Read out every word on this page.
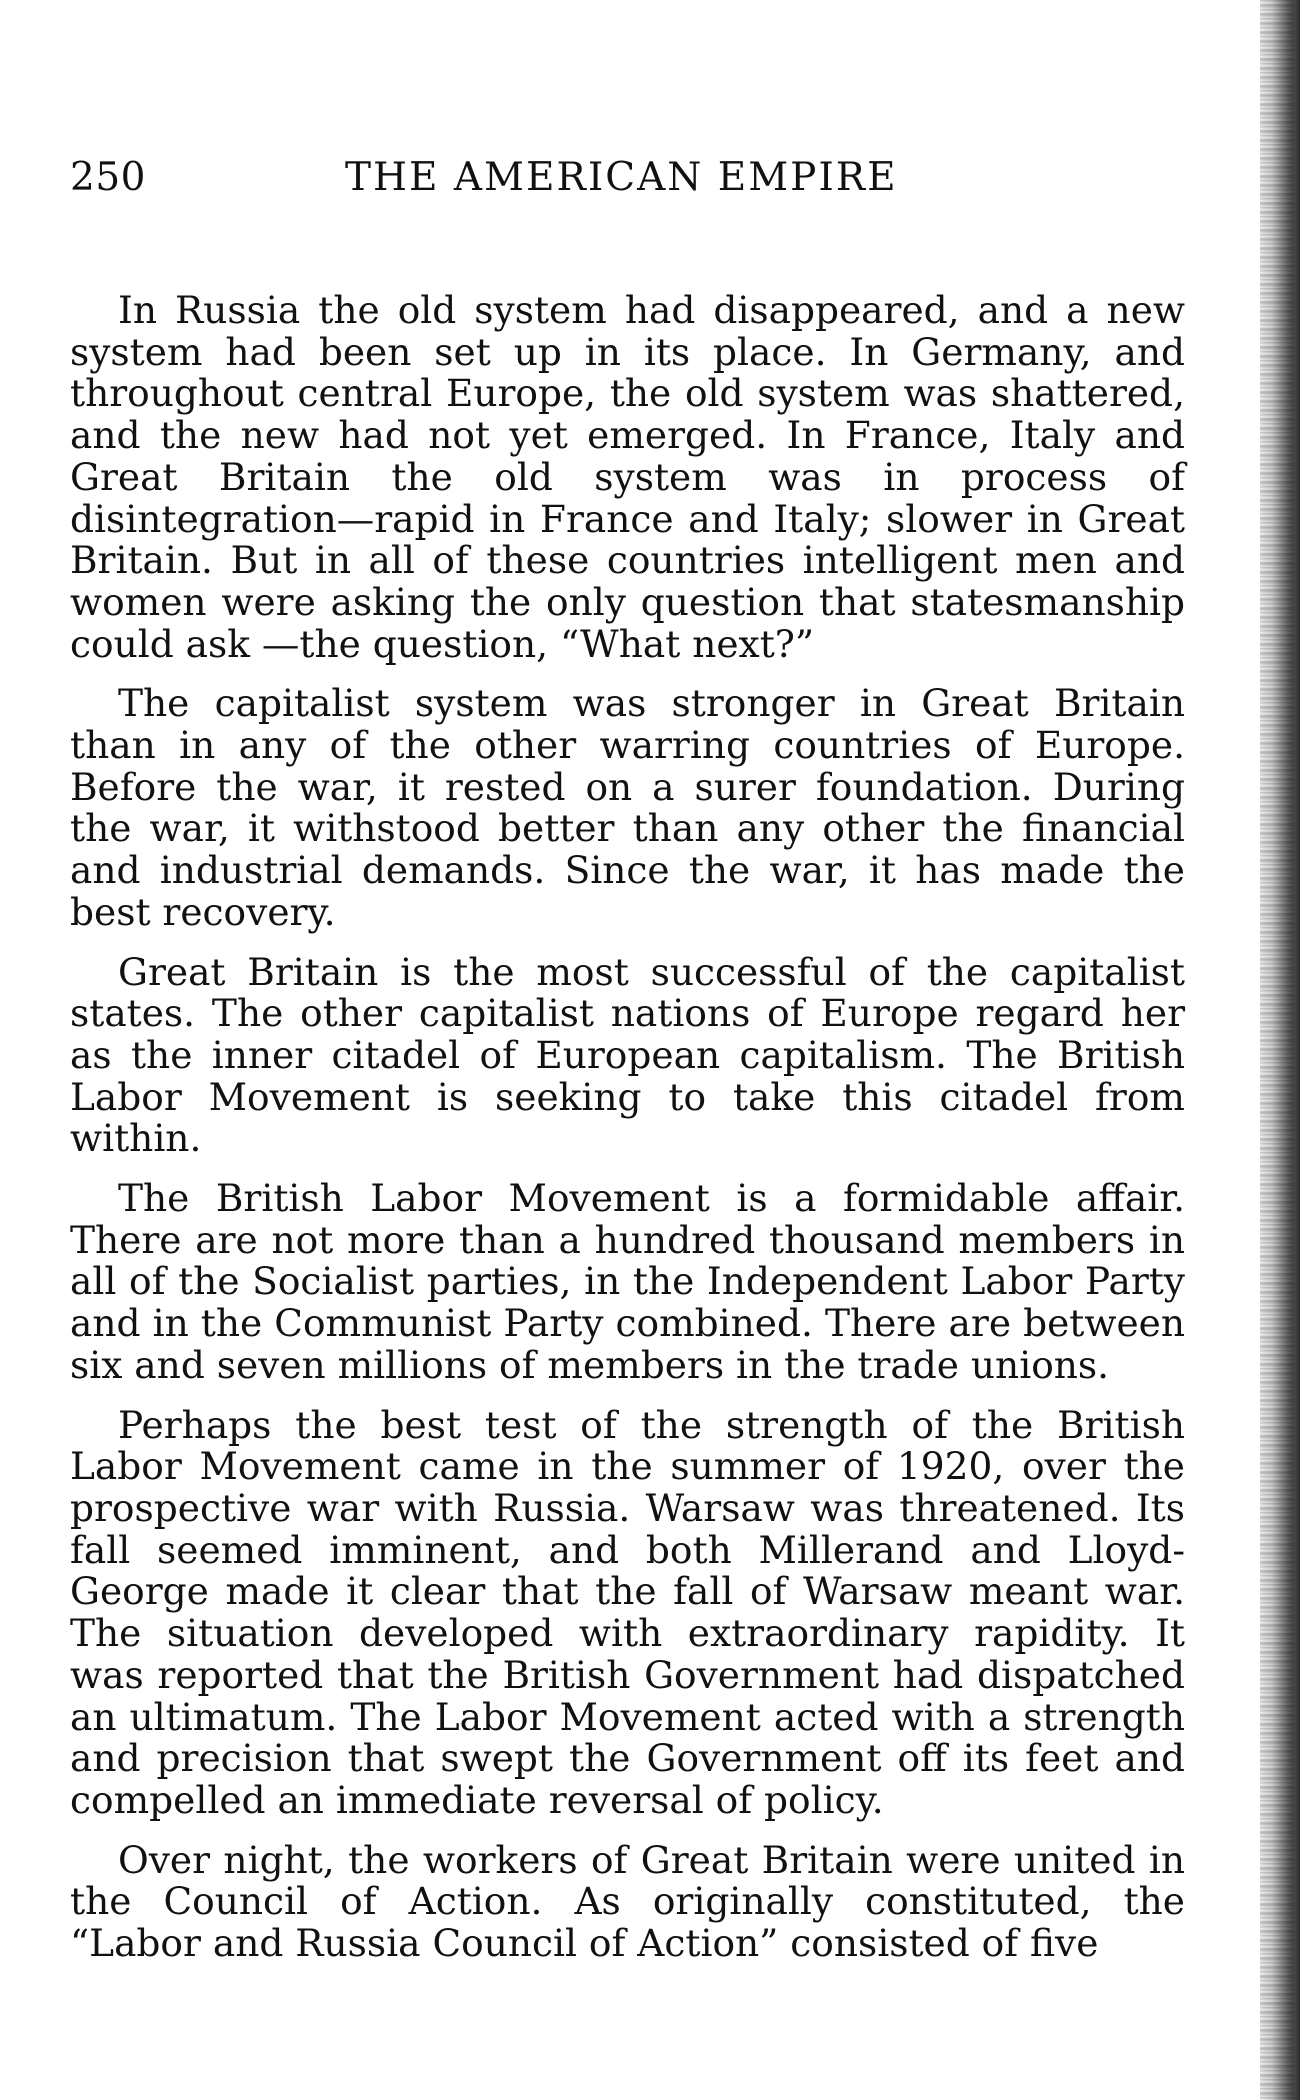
250	THE AMERICAN EMPIRE

In Russia the old system had disappeared, and a new system had been set up in its place. In Germany, and throughout central Europe, the old system was shattered, and the new had not yet emerged. In France, Italy and Great Britain the old system was in process of disintegration—rapid in France and Italy; slower in Great Britain. But in all of these countries intelligent men and women were asking the only question that statesmanship could ask —the question, “What next?”

The capitalist system was stronger in Great Britain than in any of the other warring countries of Europe. Before the war, it rested on a surer foundation. During the war, it withstood better than any other the financial and industrial demands. Since the war, it has made the best recovery.

Great Britain is the most successful of the capitalist states. The other capitalist nations of Europe regard her as the inner citadel of European capitalism. The British Labor Movement is seeking to take this citadel from within.

The British Labor Movement is a formidable affair. There are not more than a hundred thousand members in all of the Socialist parties, in the Independent Labor Party and in the Communist Party combined. There are between six and seven millions of members in the trade unions.

Perhaps the best test of the strength of the British Labor Movement came in the summer of 1920, over the prospective war with Russia. Warsaw was threatened. Its fall seemed imminent, and both Millerand and Lloyd-George made it clear that the fall of Warsaw meant war. The situation developed with extraordinary rapidity. It was reported that the British Government had dispatched an ultimatum. The Labor Movement acted with a strength and precision that swept the Government off its feet and compelled an immediate reversal of policy.

Over night, the workers of Great Britain were united in the Council of Action. As originally constituted, the “Labor and Russia Council of Action” consisted of five
